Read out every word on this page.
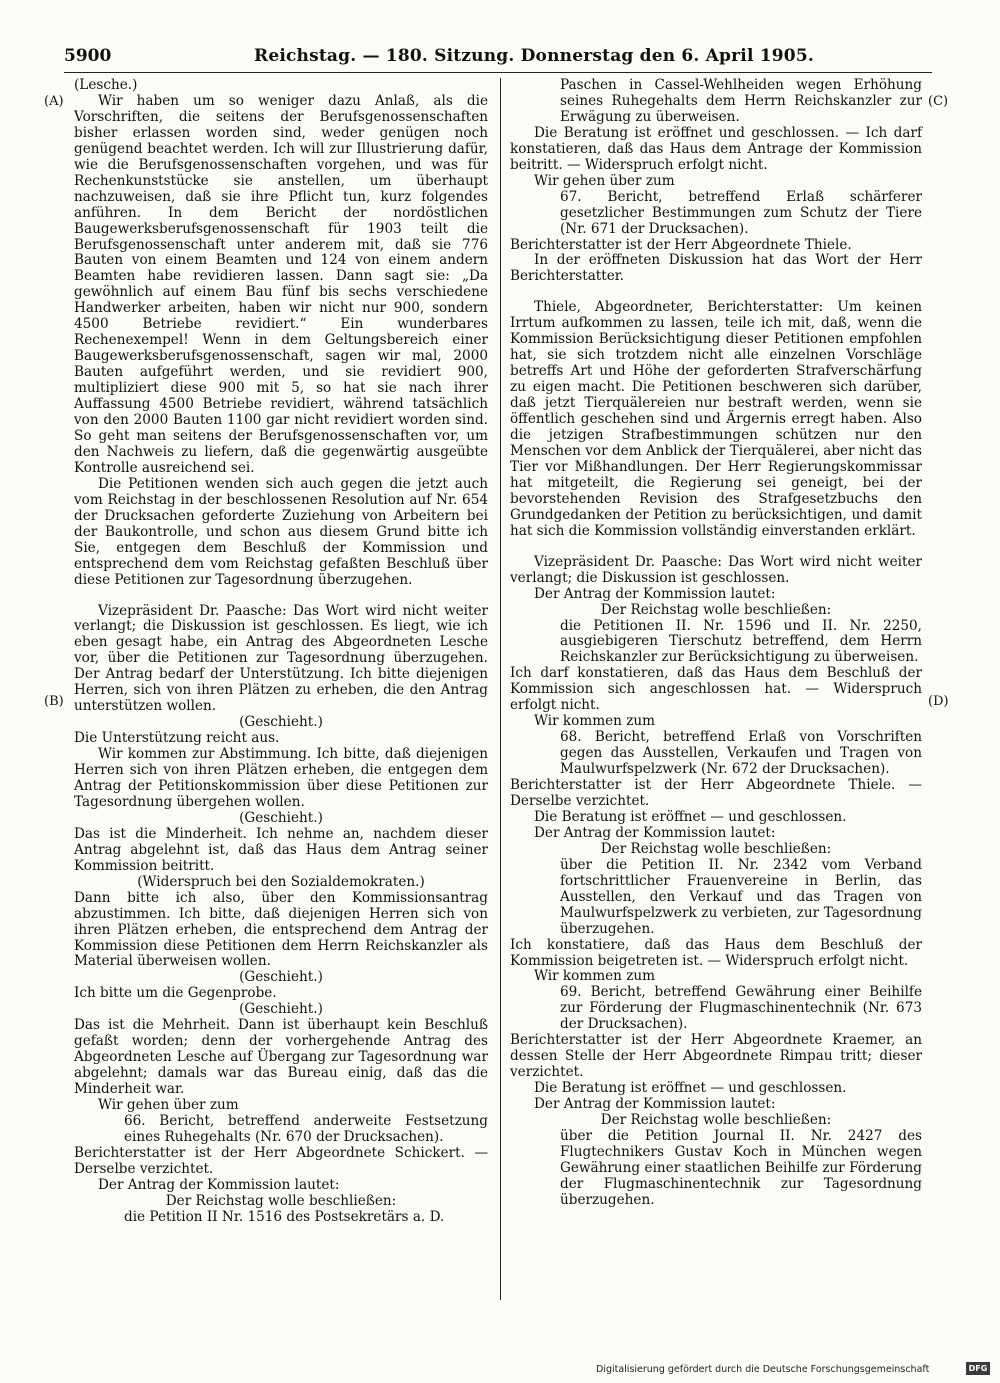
5900	Reichstag. — 180. Sitzung. Donnerstag den 6. April 1905.
(A)
(B)
(C)
(D)

(Lesche.)

Wir haben um so weniger dazu Anlaß, als die Vorschriften, die seitens der Berufsgenossenschaften bisher erlassen worden sind, weder genügen noch genügend beachtet werden. Ich will zur Illustrierung dafür, wie die Berufsgenossenschaften vorgehen, und was für Rechenkunststücke sie anstellen, um überhaupt nachzuweisen, daß sie ihre Pflicht tun, kurz folgendes anführen. In dem Bericht der nordöstlichen Baugewerksberufsgenossenschaft für 1903 teilt die Berufsgenossenschaft unter anderem mit, daß sie 776 Bauten von einem Beamten und 124 von einem andern Beamten habe revidieren lassen. Dann sagt sie: „Da gewöhnlich auf einem Bau fünf bis sechs verschiedene Handwerker arbeiten, haben wir nicht nur 900, sondern 4500 Betriebe revidiert.“ Ein wunderbares Rechenexempel! Wenn in dem Geltungsbereich einer Baugewerksberufsgenossenschaft, sagen wir mal, 2000 Bauten aufgeführt werden, und sie revidiert 900, multipliziert diese 900 mit 5, so hat sie nach ihrer Auffassung 4500 Betriebe revidiert, während tatsächlich von den 2000 Bauten 1100 gar nicht revidiert worden sind. So geht man seitens der Berufsgenossenschaften vor, um den Nachweis zu liefern, daß die gegenwärtig ausgeübte Kontrolle ausreichend sei.

Die Petitionen wenden sich auch gegen die jetzt auch vom Reichstag in der beschlossenen Resolution auf Nr. 654 der Drucksachen geforderte Zuziehung von Arbeitern bei der Baukontrolle, und schon aus diesem Grund bitte ich Sie, entgegen dem Beschluß der Kommission und entsprechend dem vom Reichstag gefaßten Beschluß über diese Petitionen zur Tagesordnung überzugehen.

Vizepräsident Dr. Paasche: Das Wort wird nicht weiter verlangt; die Diskussion ist geschlossen. Es liegt, wie ich eben gesagt habe, ein Antrag des Abgeordneten Lesche vor, über die Petitionen zur Tagesordnung überzugehen. Der Antrag bedarf der Unterstützung. Ich bitte diejenigen Herren, sich von ihren Plätzen zu erheben, die den Antrag unterstützen wollen.

(Geschieht.)

Die Unterstützung reicht aus.

Wir kommen zur Abstimmung. Ich bitte, daß diejenigen Herren sich von ihren Plätzen erheben, die entgegen dem Antrag der Petitionskommission über diese Petitionen zur Tagesordnung übergehen wollen.

(Geschieht.)

Das ist die Minderheit. Ich nehme an, nachdem dieser Antrag abgelehnt ist, daß das Haus dem Antrag seiner Kommission beitritt.

(Widerspruch bei den Sozialdemokraten.)

Dann bitte ich also, über den Kommissionsantrag abzustimmen. Ich bitte, daß diejenigen Herren sich von ihren Plätzen erheben, die entsprechend dem Antrag der Kommission diese Petitionen dem Herrn Reichskanzler als Material überweisen wollen.

(Geschieht.)

Ich bitte um die Gegenprobe.

(Geschieht.)

Das ist die Mehrheit. Dann ist überhaupt kein Beschluß gefaßt worden; denn der vorhergehende Antrag des Abgeordneten Lesche auf Übergang zur Tagesordnung war abgelehnt; damals war das Bureau einig, daß das die Minderheit war.

Wir gehen über zum

66. Bericht, betreffend anderweite Festsetzung eines Ruhegehalts (Nr. 670 der Drucksachen).

Berichterstatter ist der Herr Abgeordnete Schickert. — Derselbe verzichtet.

Der Antrag der Kommission lautet:

Der Reichstag wolle beschließen:

die Petition II Nr. 1516 des Postsekretärs a. D.

Paschen in Cassel-Wehlheiden wegen Erhöhung seines Ruhegehalts dem Herrn Reichskanzler zur Erwägung zu überweisen.

Die Beratung ist eröffnet und geschlossen. — Ich darf konstatieren, daß das Haus dem Antrage der Kommission beitritt. — Widerspruch erfolgt nicht.

Wir gehen über zum

67. Bericht, betreffend Erlaß schärferer gesetzlicher Bestimmungen zum Schutz der Tiere (Nr. 671 der Drucksachen).

Berichterstatter ist der Herr Abgeordnete Thiele.

In der eröffneten Diskussion hat das Wort der Herr Berichterstatter.

Thiele, Abgeordneter, Berichterstatter: Um keinen Irrtum aufkommen zu lassen, teile ich mit, daß, wenn die Kommission Berücksichtigung dieser Petitionen empfohlen hat, sie sich trotzdem nicht alle einzelnen Vorschläge betreffs Art und Höhe der geforderten Strafverschärfung zu eigen macht. Die Petitionen beschweren sich darüber, daß jetzt Tierquälereien nur bestraft werden, wenn sie öffentlich geschehen sind und Ärgernis erregt haben. Also die jetzigen Strafbestimmungen schützen nur den Menschen vor dem Anblick der Tierquälerei, aber nicht das Tier vor Mißhandlungen. Der Herr Regierungskommissar hat mitgeteilt, die Regierung sei geneigt, bei der bevorstehenden Revision des Strafgesetzbuchs den Grundgedanken der Petition zu berücksichtigen, und damit hat sich die Kommission vollständig einverstanden erklärt.

Vizepräsident Dr. Paasche: Das Wort wird nicht weiter verlangt; die Diskussion ist geschlossen.

Der Antrag der Kommission lautet:

Der Reichstag wolle beschließen:

die Petitionen II. Nr. 1596 und II. Nr. 2250, ausgiebigeren Tierschutz betreffend, dem Herrn Reichskanzler zur Berücksichtigung zu überweisen.

Ich darf konstatieren, daß das Haus dem Beschluß der Kommission sich angeschlossen hat. — Widerspruch erfolgt nicht.

Wir kommen zum

68. Bericht, betreffend Erlaß von Vorschriften gegen das Ausstellen, Verkaufen und Tragen von Maulwurfspelzwerk (Nr. 672 der Drucksachen).

Berichterstatter ist der Herr Abgeordnete Thiele. — Derselbe verzichtet.

Die Beratung ist eröffnet — und geschlossen.

Der Antrag der Kommission lautet:

Der Reichstag wolle beschließen:

über die Petition II. Nr. 2342 vom Verband fortschrittlicher Frauenvereine in Berlin, das Ausstellen, den Verkauf und das Tragen von Maulwurfspelzwerk zu verbieten, zur Tagesordnung überzugehen.

Ich konstatiere, daß das Haus dem Beschluß der Kommission beigetreten ist. — Widerspruch erfolgt nicht.

Wir kommen zum

69. Bericht, betreffend Gewährung einer Beihilfe zur Förderung der Flugmaschinentechnik (Nr. 673 der Drucksachen).

Berichterstatter ist der Herr Abgeordnete Kraemer, an dessen Stelle der Herr Abgeordnete Rimpau tritt; dieser verzichtet.

Die Beratung ist eröffnet — und geschlossen.

Der Antrag der Kommission lautet:

Der Reichstag wolle beschließen:

über die Petition Journal II. Nr. 2427 des Flugtechnikers Gustav Koch in München wegen Gewährung einer staatlichen Beihilfe zur Förderung der Flugmaschinentechnik zur Tagesordnung überzugehen.

Digitalisierung gefördert durch die Deutsche Forschungsgemeinschaft	DFG
